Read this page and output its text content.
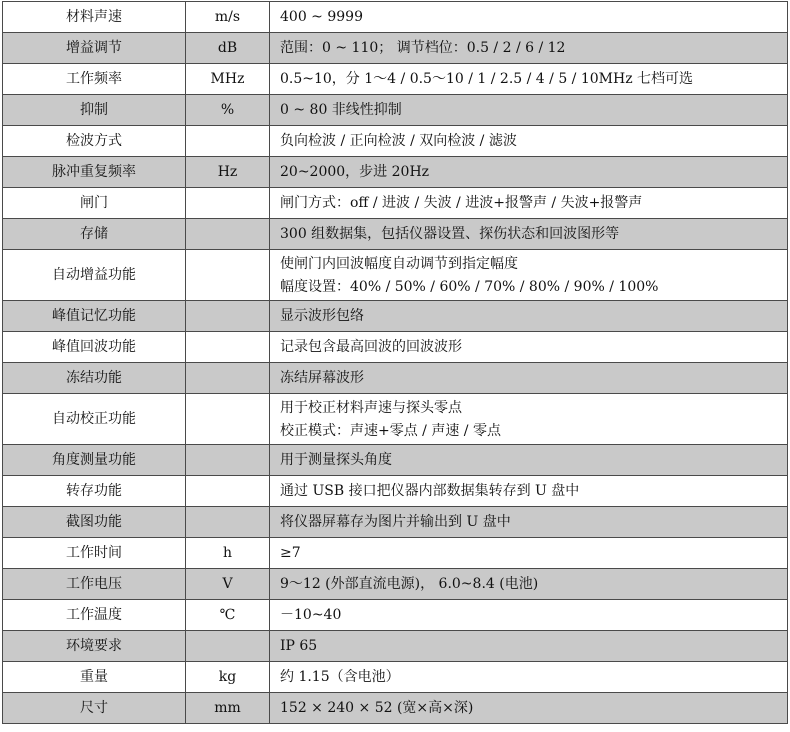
材料声速	m/s	400 ~ 9999

增益调节	dB	范围：0 ~ 110； 调节档位：0.5 / 2 / 6 / 12

工作频率	MHz	0.5~10，分 1～4 / 0.5～10 / 1 / 2.5 / 4 / 5 / 10MHz 七档可选

抑制	%	0 ~ 80 非线性抑制

检波方式		负向检波 / 正向检波 / 双向检波 / 滤波

脉冲重复频率	Hz	20~2000，步进 20Hz

闸门		闸门方式：off / 进波 / 失波 / 进波+报警声 / 失波+报警声

存储		300 组数据集，包括仪器设置、探伤状态和回波图形等

自动增益功能		使闸门内回波幅度自动调节到指定幅度
幅度设置：40% / 50% / 60% / 70% / 80% / 90% / 100%

峰值记忆功能		显示波形包络

峰值回波功能		记录包含最高回波的回波波形

冻结功能		冻结屏幕波形

自动校正功能		用于校正材料声速与探头零点
校正模式：声速+零点 / 声速 / 零点

角度测量功能		用于测量探头角度

转存功能		通过 USB 接口把仪器内部数据集转存到 U 盘中

截图功能		将仪器屏幕存为图片并输出到 U 盘中

工作时间	h	≥7

工作电压	V	9～12 (外部直流电源)， 6.0~8.4 (电池)

工作温度	℃	－10~40

环境要求		IP 65

重量	kg	约 1.15（含电池）

尺寸	mm	152 × 240 × 52 (宽×高×深)
